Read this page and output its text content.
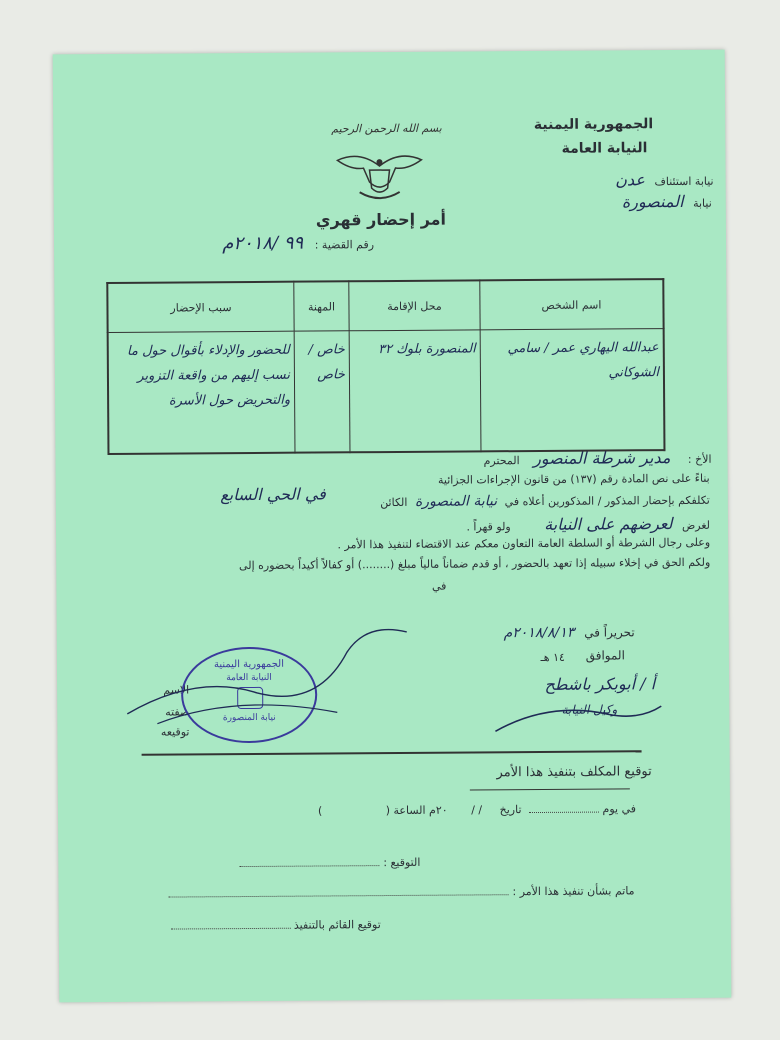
بسم الله الرحمن الرحيم
أمر إحضار قهري
الجمهورية اليمنية
النيابة العامة
نيابة استئناف عدن
نيابة المنصورة
رقم القضية : ٩٩ /٢٠١٨م
اسم الشخص	محل الإقامة	المهنة	سبب الإحضار
عبدالله اليهاري عمر / سامي الشوكاني	المنصورة بلوك ٣٢	خاص / خاص	للحضور والإدلاء بأقوال حول ما نسب إليهم من واقعة التزوير والتحريض حول الأسرة
الأخ : مدير شرطة المنصور المحترم
بناءً على نص المادة رقم (١٣٧) من قانون الإجراءات الجزائية
في الحي السابع	تكلفكم بإحضار المذكور / المذكورين أعلاه في نيابة المنصورة الكائن
لغرض لعرضهم على النيابة ولو قهراً .
وعلى رجال الشرطة أو السلطة العامة التعاون معكم عند الاقتضاء لتنفيذ هذا الأمر .
ولكم الحق في إخلاء سبيله إذا تعهد بالحضور ، أو قدم ضماناً مالياً مبلغ (........) أو كفالاً أكيداً بحضوره إلى
في
تحريراً في ٢٠١٨/٨/١٣م
الموافق
١٤ هـ
أ / أبوبكر باشطح
وكيل النيابة
الاسم
صفته
توقيعه
الجمهورية اليمنية
النيابة العامة
نيابة المنصورة
توقيع المكلف بتنفيذ هذا الأمر
في يوم  تاريخ / / ٢٠م الساعة ( )
التوقيع :
ماتم بشأن تنفيذ هذا الأمر :
توقيع القائم بالتنفيذ
